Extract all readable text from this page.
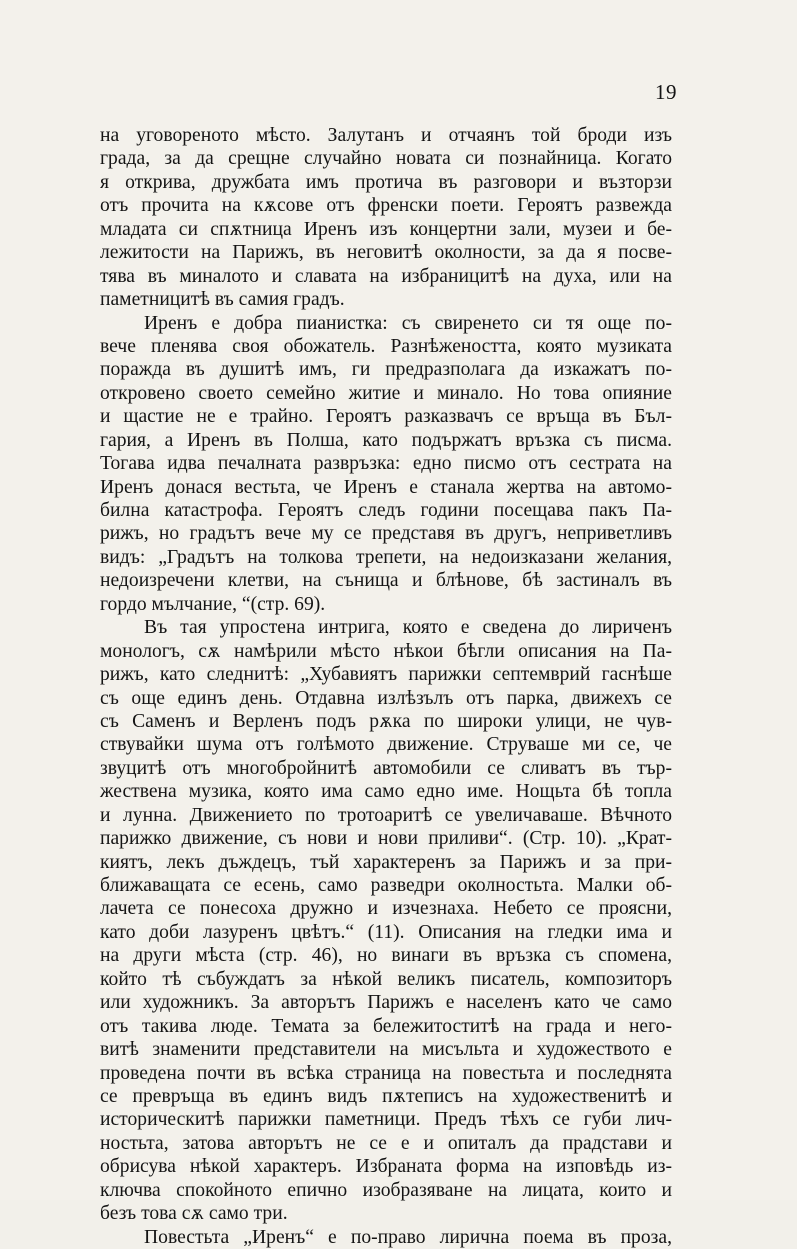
19
на уговореното мѣсто. Залутанъ и отчаянъ той броди изъ
града, за да срещне случайно новата си познайница. Когато
я открива, дружбата имъ протича въ разговори и възторзи
отъ прочита на кѫсове отъ френски поети. Героятъ развежда
младата си спѫтница Иренъ изъ концертни зали, музеи и бе-
лежитости на Парижъ, въ неговитѣ околности, за да я посве-
тява въ миналото и славата на избраницитѣ на духа, или на
паметницитѣ въ самия градъ.
Иренъ е добра пианистка: съ свиренето си тя още по-
вече пленява своя обожатель. Разнѣжеността, която музиката
поражда въ душитѣ имъ, ги предразполага да изкажатъ по-
откровено своето семейно житие и минало. Но това опияние
и щастие не е трайно. Героятъ разказвачъ се връща въ Бъл-
гария, а Иренъ въ Полша, като подържатъ връзка съ писма.
Тогава идва печалната развръзка: едно писмо отъ сестрата на
Иренъ донася вестьта, че Иренъ е станала жертва на автомо-
билна катастрофа. Героятъ следъ години посещава пакъ Па-
рижъ, но градътъ вече му се представя въ другъ, неприветливъ
видъ: „Градътъ на толкова трепети, на недоизказани желания,
недоизречени клетви, на сънища и блѣнове, бѣ застиналъ въ
гордо мълчание, “(стр. 69).
Въ тая упростена интрига, която е сведена до лириченъ
монологъ, сѫ намѣрили мѣсто нѣкои бѣгли описания на Па-
рижъ, като следнитѣ: „Хубавиятъ парижки септемврий гаснѣше
съ още единъ день. Отдавна излѣзълъ отъ парка, движехъ се
съ Саменъ и Верленъ подъ рѫка по широки улици, не чув-
ствувайки шума отъ голѣмото движение. Струваше ми се, че
звуцитѣ отъ многобройнитѣ автомобили се сливатъ въ тър-
жествена музика, която има само едно име. Нощьта бѣ топла
и лунна. Движението по тротоаритѣ се увеличаваше. Вѣчното
парижко движение, съ нови и нови приливи“. (Стр. 10). „Крат-
киятъ, лекъ дъждецъ, тъй характеренъ за Парижъ и за при-
ближаващата се есень, само разведри околностьта. Малки об-
лачета се понесоха дружно и изчезнаха. Небето се проясни,
като доби лазуренъ цвѣтъ.“ (11). Описания на гледки има и
на други мѣста (стр. 46), но винаги въ връзка съ спомена,
който тѣ събуждатъ за нѣкой великъ писатель, композиторъ
или художникъ. За авторътъ Парижъ е населенъ като че само
отъ такива люде. Темата за бележитоститѣ на града и него-
витѣ знаменити представители на мисъльта и художеството е
проведена почти въ всѣка страница на повестьта и последнята
се превръща въ единъ видъ пѫтеписъ на художественитѣ и
историческитѣ парижки паметници. Предъ тѣхъ се губи лич-
ностьта, затова авторътъ не се е и опиталъ да прадстави и
обрисува нѣкой характеръ. Избраната форма на изповѣдь из-
ключва спокойното епично изобразяване на лицата, които и
безъ това сѫ само три.
Повестьта „Иренъ“ е по-право лирична поема въ проза,
